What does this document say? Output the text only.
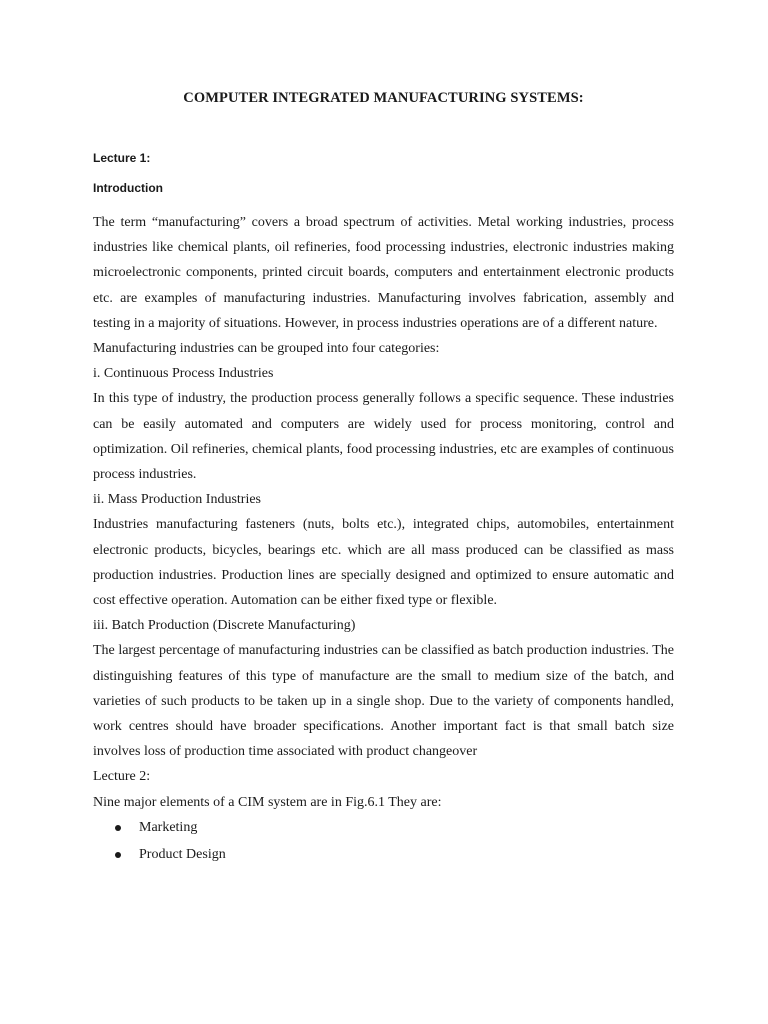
COMPUTER INTEGRATED MANUFACTURING SYSTEMS:
Lecture 1:
Introduction

The term “manufacturing” covers a broad spectrum of activities. Metal working industries, process industries like chemical plants, oil refineries, food processing industries, electronic industries making microelectronic components, printed circuit boards, computers and entertainment electronic products etc. are examples of manufacturing industries. Manufacturing involves fabrication, assembly and testing in a majority of situations. However, in process industries operations are of a different nature.

Manufacturing industries can be grouped into four categories:

i. Continuous Process Industries

In this type of industry, the production process generally follows a specific sequence. These industries can be easily automated and computers are widely used for process monitoring, control and optimization. Oil refineries, chemical plants, food processing industries, etc are examples of continuous process industries.

ii. Mass Production Industries

Industries manufacturing fasteners (nuts, bolts etc.), integrated chips, automobiles, entertainment electronic products, bicycles, bearings etc. which are all mass produced can be classified as mass production industries. Production lines are specially designed and optimized to ensure automatic and cost effective operation. Automation can be either fixed type or flexible.

iii. Batch Production (Discrete Manufacturing)

The largest percentage of manufacturing industries can be classified as batch production industries. The distinguishing features of this type of manufacture are the small to medium size of the batch, and varieties of such products to be taken up in a single shop. Due to the variety of components handled, work centres should have broader specifications. Another important fact is that small batch size involves loss of production time associated with product changeover

Lecture 2:

Nine major elements of a CIM system are in Fig.6.1 They are:

Marketing
Product Design
